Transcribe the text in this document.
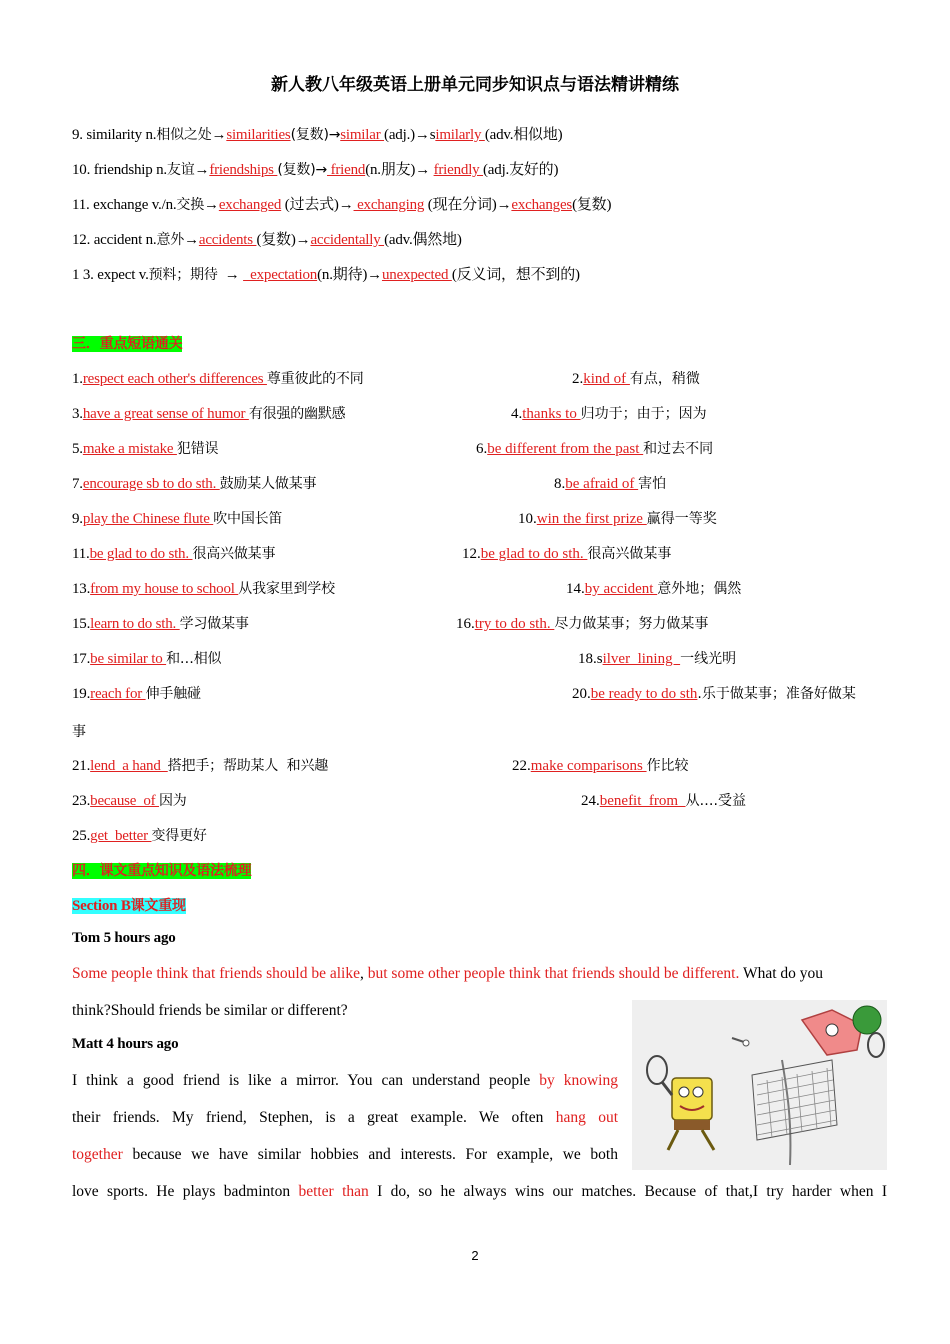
新人教八年级英语上册单元同步知识点与语法精讲精练
9. similarity n.相似之处→similarities(复数)→similar (adj.)→similarly (adv.相似地)
10. friendship n.友谊→friendships (复数)→ friend(n.朋友)→ friendly (adj.友好的)
11. exchange v./n.交换→exchanged (过去式)→ exchanging (现在分词)→exchanges(复数)
12. accident n.意外→accidents (复数)→accidentally (adv.偶然地)
1 3. expect v.预料；期待  →   expectation(n.期待)→unexpected (反义词，想不到的)
三．重点短语通关
1.respect each other's differences 尊重彼此的不同	2.kind of 有点，稍微
3.have a great sense of humor 有很强的幽默感	4.thanks to 归功于；由于；因为
5.make a mistake 犯错误	6.be different from the past 和过去不同
7.encourage sb to do sth. 鼓励某人做某事	8.be afraid of 害怕
9.play the Chinese flute 吹中国长笛	10.win the first prize 赢得一等奖
11.be glad to do sth. 很高兴做某事	12.be glad to do sth. 很高兴做某事
13.from my house to school 从我家里到学校	14.by accident 意外地；偶然
15.learn to do sth. 学习做某事	16.try to do sth. 尽力做某事；努力做某事
17.be similar to 和…相似	18.silver  lining  一线光明
19.reach for 伸手触碰	20.be ready to do sth.乐于做某事；准备好做某
事
21.lend  a hand  搭把手；帮助某人  和兴趣	22.make comparisons 作比较
23.because  of 因为	24.benefit  from  从….受益
25.get  better 变得更好
四．课文重点知识及语法梳理
Section B课文重现
Tom 5 hours ago
Some people think that friends should be alike, but some other people think that friends should be different. What do you
think?Should friends be similar or different?
Matt 4 hours ago
I think a good friend is like a mirror. You can understand people by knowing
their friends. My friend, Stephen, is a great example. We often hang out
together because we have similar hobbies and interests. For example, we both
love sports. He plays badminton better than I do, so he always wins our matches. Because of that,I try harder when I
2
